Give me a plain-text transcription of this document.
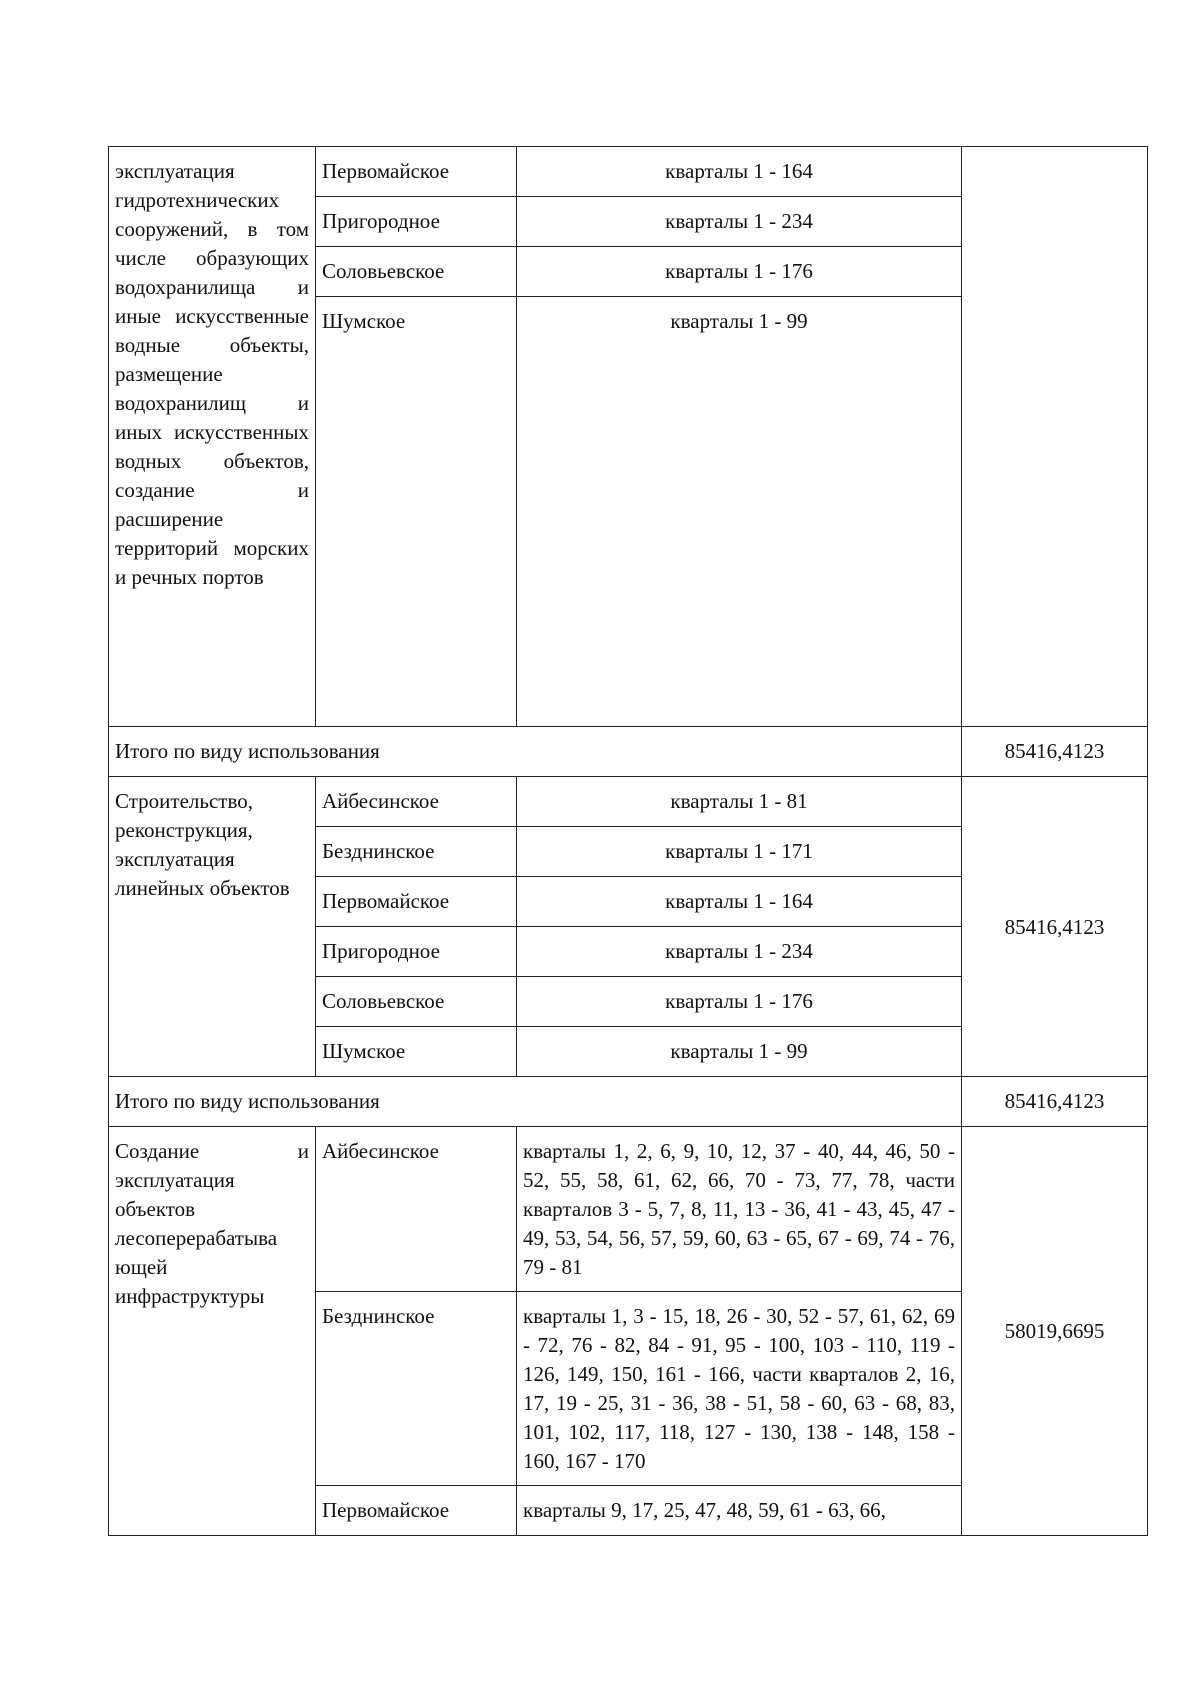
эксплуатация гидротехнических сооружений, в том числе образующих водохранилища и иные искусственные водные объекты, размещение водохранилищ и иных искусственных водных объектов, создание и расширение территорий морских и речных портов	Первомайское	кварталы 1 - 164	
	Пригородное	кварталы 1 - 234	
	Соловьевское	кварталы 1 - 176	
	Шумское	кварталы 1 - 99	
Итого по виду использования			85416,4123
Строительство, реконструкция, эксплуатация линейных объектов	Айбесинское	кварталы 1 - 81	85416,4123
	Безднинское	кварталы 1 - 171	
	Первомайское	кварталы 1 - 164	
	Пригородное	кварталы 1 - 234	
	Соловьевское	кварталы 1 - 176	
	Шумское	кварталы 1 - 99	
Итого по виду использования			85416,4123
Создание и эксплуатация объектов лесоперерабатыва ющей инфраструктуры	Айбесинское	кварталы 1, 2, 6, 9, 10, 12, 37 - 40, 44, 46, 50 - 52, 55, 58, 61, 62, 66, 70 - 73, 77, 78, части кварталов 3 - 5, 7, 8, 11, 13 - 36, 41 - 43, 45, 47 - 49, 53, 54, 56, 57, 59, 60, 63 - 65, 67 - 69, 74 - 76, 79 - 81	58019,6695
	Безднинское	кварталы 1, 3 - 15, 18, 26 - 30, 52 - 57, 61, 62, 69 - 72, 76 - 82, 84 - 91, 95 - 100, 103 - 110, 119 - 126, 149, 150, 161 - 166, части кварталов 2, 16, 17, 19 - 25, 31 - 36, 38 - 51, 58 - 60, 63 - 68, 83, 101, 102, 117, 118, 127 - 130, 138 - 148, 158 - 160, 167 - 170	
	Первомайское	кварталы 9, 17, 25, 47, 48, 59, 61 - 63, 66,	
